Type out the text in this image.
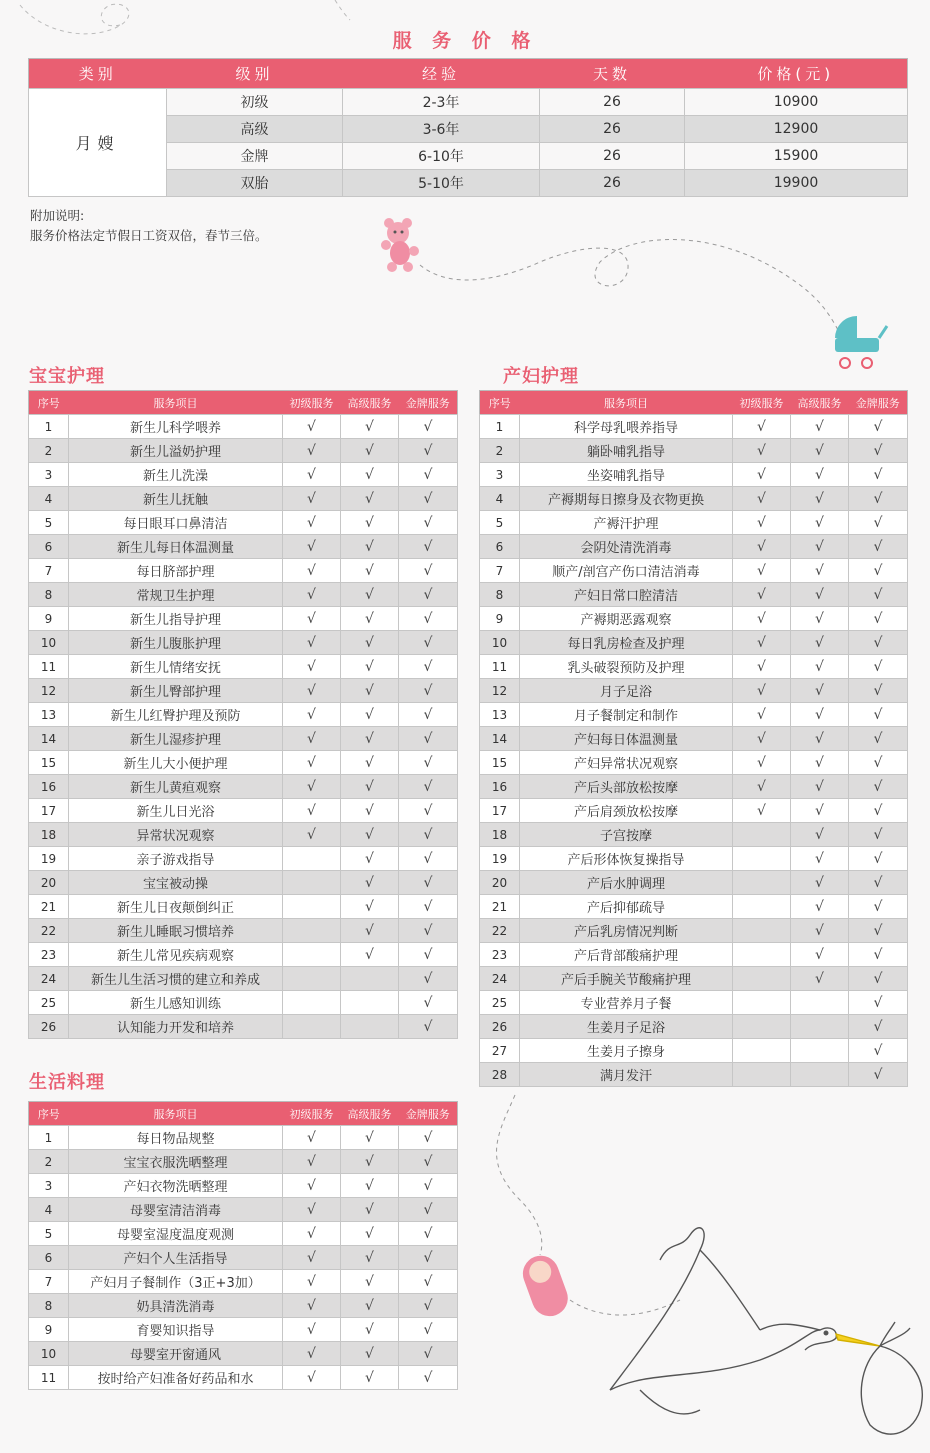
服 务 价 格
类别	级别	经验	天数	价格(元)
月嫂	初级	2-3年	26	10900
	高级	3-6年	26	12900
	金牌	6-10年	26	15900
	双胎	5-10年	26	19900
附加说明:
服务价格法定节假日工资双倍，春节三倍。
宝宝护理
序号	服务项目	初级服务	高级服务	金牌服务
1	新生儿科学喂养	√	√	√
2	新生儿溢奶护理	√	√	√
3	新生儿洗澡	√	√	√
4	新生儿抚触	√	√	√
5	每日眼耳口鼻清洁	√	√	√
6	新生儿每日体温测量	√	√	√
7	每日脐部护理	√	√	√
8	常规卫生护理	√	√	√
9	新生儿指导护理	√	√	√
10	新生儿腹胀护理	√	√	√
11	新生儿情绪安抚	√	√	√
12	新生儿臀部护理	√	√	√
13	新生儿红臀护理及预防	√	√	√
14	新生儿湿疹护理	√	√	√
15	新生儿大小便护理	√	√	√
16	新生儿黄疸观察	√	√	√
17	新生儿日光浴	√	√	√
18	异常状况观察	√	√	√
19	亲子游戏指导		√	√
20	宝宝被动操		√	√
21	新生儿日夜颠倒纠正		√	√
22	新生儿睡眠习惯培养		√	√
23	新生儿常见疾病观察		√	√
24	新生儿生活习惯的建立和养成			√
25	新生儿感知训练			√
26	认知能力开发和培养			√
产妇护理
序号	服务项目	初级服务	高级服务	金牌服务
1	科学母乳喂养指导	√	√	√
2	躺卧哺乳指导	√	√	√
3	坐姿哺乳指导	√	√	√
4	产褥期每日擦身及衣物更换	√	√	√
5	产褥汗护理	√	√	√
6	会阴处清洗消毒	√	√	√
7	顺产/剖宫产伤口清洁消毒	√	√	√
8	产妇日常口腔清洁	√	√	√
9	产褥期恶露观察	√	√	√
10	每日乳房检查及护理	√	√	√
11	乳头破裂预防及护理	√	√	√
12	月子足浴	√	√	√
13	月子餐制定和制作	√	√	√
14	产妇每日体温测量	√	√	√
15	产妇异常状况观察	√	√	√
16	产后头部放松按摩	√	√	√
17	产后肩颈放松按摩	√	√	√
18	子宫按摩		√	√
19	产后形体恢复操指导		√	√
20	产后水肿调理		√	√
21	产后抑郁疏导		√	√
22	产后乳房情况判断		√	√
23	产后背部酸痛护理		√	√
24	产后手腕关节酸痛护理		√	√
25	专业营养月子餐			√
26	生姜月子足浴			√
27	生姜月子擦身			√
28	满月发汗			√
生活料理
序号	服务项目	初级服务	高级服务	金牌服务
1	每日物品规整	√	√	√
2	宝宝衣服洗晒整理	√	√	√
3	产妇衣物洗晒整理	√	√	√
4	母婴室清洁消毒	√	√	√
5	母婴室湿度温度观测	√	√	√
6	产妇个人生活指导	√	√	√
7	产妇月子餐制作（3正+3加）	√	√	√
8	奶具清洗消毒	√	√	√
9	育婴知识指导	√	√	√
10	母婴室开窗通风	√	√	√
11	按时给产妇准备好药品和水	√	√	√
